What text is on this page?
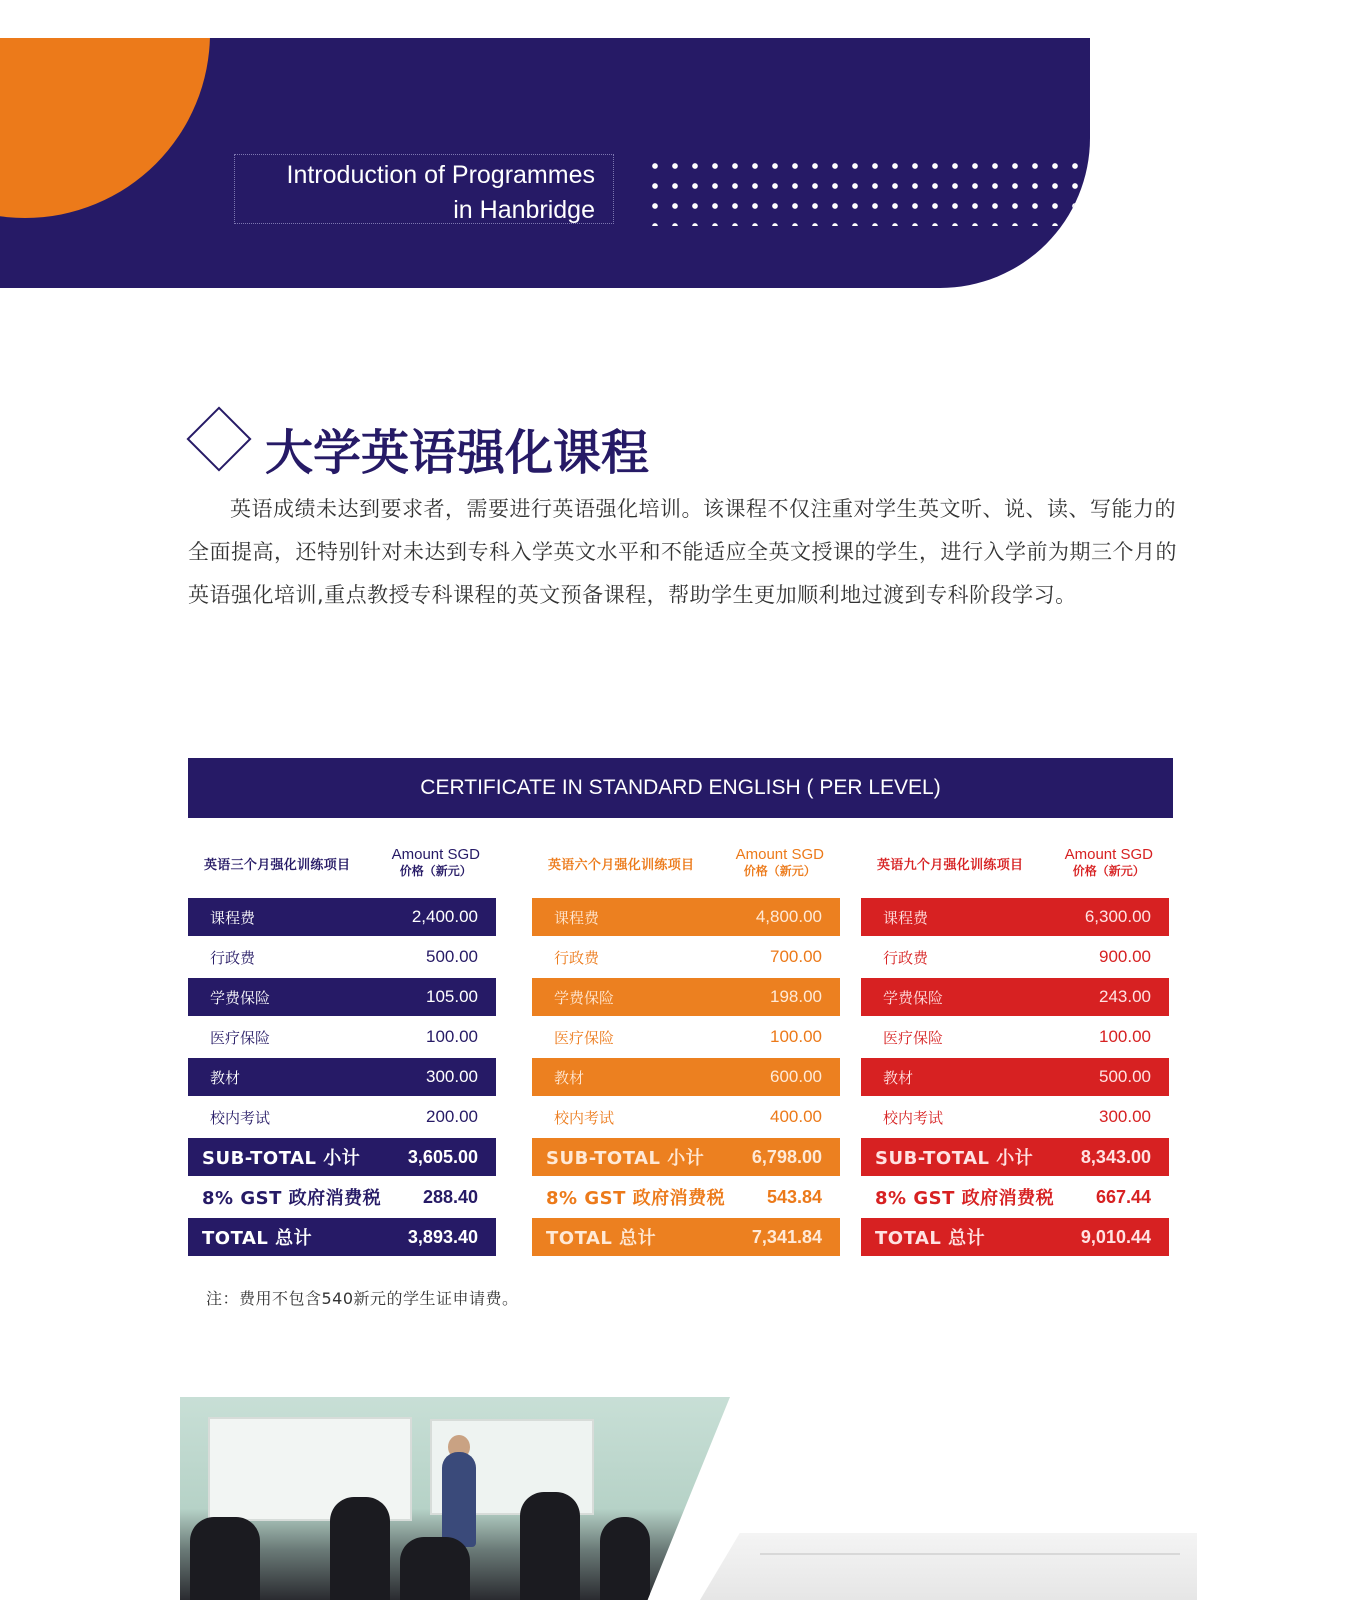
Introduction of Programmes
in Hanbridge
大学英语强化课程

英语成绩未达到要求者，需要进行英语强化培训。该课程不仅注重对学生英文听、说、读、写能力的全面提高，还特别针对未达到专科入学英文水平和不能适应全英文授课的学生，进行入学前为期三个月的英语强化培训,重点教授专科课程的英文预备课程，帮助学生更加顺利地过渡到专科阶段学习。

CERTIFICATE IN STANDARD ENGLISH ( PER LEVEL)
英语三个月强化训练项目
Amount SGD
价格（新元）
课程费	2,400.00
行政费	500.00
学费保险	105.00
医疗保险	100.00
教材	300.00
校内考试	200.00
SUB-TOTAL 小计	3,605.00
8% GST 政府消费税 288.40
TOTAL 总计	3,893.40
英语六个月强化训练项目
Amount SGD
价格（新元）
课程费	4,800.00
行政费	700.00
学费保险	198.00
医疗保险	100.00
教材	600.00
校内考试	400.00
SUB-TOTAL 小计	6,798.00
8% GST 政府消费税 543.84
TOTAL 总计	7,341.84
英语九个月强化训练项目
Amount SGD
价格（新元）
课程费	6,300.00
行政费	900.00
学费保险	243.00
医疗保险	100.00
教材	500.00
校内考试	300.00
SUB-TOTAL 小计	8,343.00
8% GST 政府消费税 667.44
TOTAL 总计	9,010.44
注：费用不包含540新元的学生证申请费。
